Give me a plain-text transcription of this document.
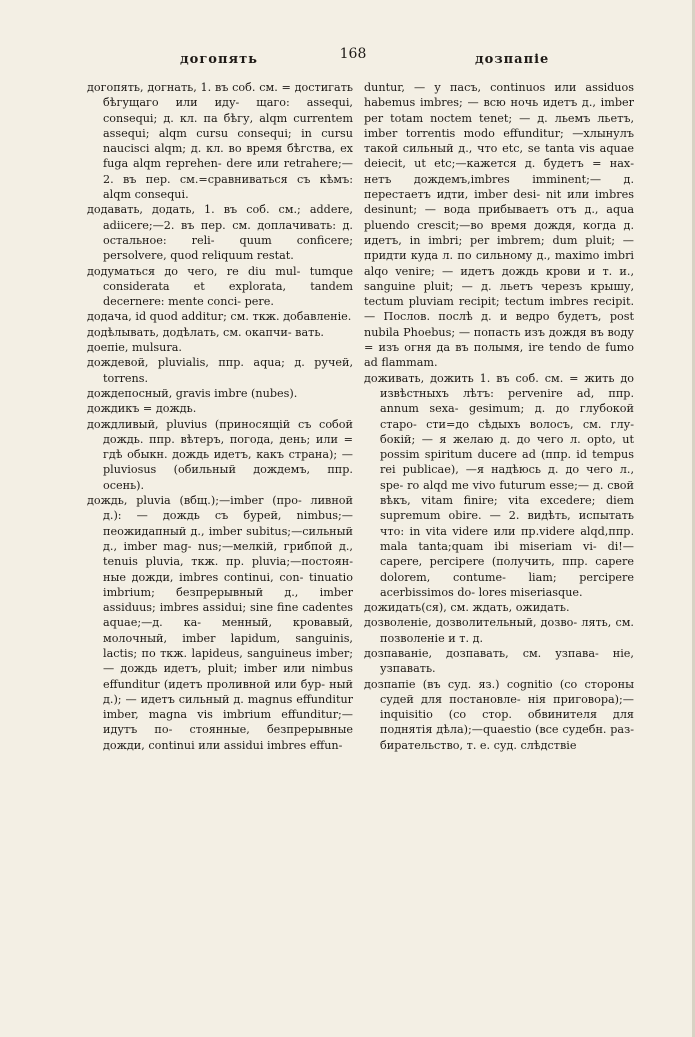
догопять	168	дозпапіе

догопять, догнать, 1. въ соб. см. = достигать бѣгущаго или иду- щаго: assequi, consequi; д. кл. па бѣгу, alqm currentem assequi; alqm cursu consequi; in cursu naucisci alqm; д. кл. во время бѣгства, ex fuga alqm reprehen- dere или retrahere;—2. въ пер. см.=сравниваться съ кѣмъ: alqm consequi.

додавать, додать, 1. въ соб. см.; addere, adiicere;—2. въ пер. см. доплачивать: д. остальное: reli- quum conficere; persolvere, quod reliquum restat.

додуматься до чего, re diu mul- tumque considerata et explorata, tandem decernere: mente conci- pere.

додача, id quod additur; см. ткж. добавленіе.

додѣлывать, додѣлать, см. окапчи- вать.

доепіе, mulsura.

дождевой, pluvialis, ппр. aqua; д. ручей, torrens.

дождепосный, gravis imbre (nubes).

дождикъ = дождь.

дождливый, pluvius (приносящій съ собой дождь. ппр. вѣтеръ, погода, день; или = гдѣ обыкн. дождь идетъ, какъ страна); — pluviosus (обильный дождемъ, ппр. осень).

дождь, pluvia (вбщ.);—imber (про- ливной д.): — дождь съ бурей, nimbus;—пеожидапный д., imber subitus;—сильный д., imber mag- nus;—мелкій, грибпой д., tenuis pluvia, ткж. пр. pluvia;—постоян- ные дожди, imbres continui, con- tinuatio imbrium; безпрерывный д., imber assiduus; imbres assidui; sine fine cadentes aquae;—д. ка- менный, кровавый, молочный, imber lapidum, sanguinis, lactis; по ткж. lapideus, sanguineus imber; — дождь идетъ, pluit; imber или nimbus effunditur (идетъ проливной или бур- ный д.); — идетъ сильный д. magnus effunditur imber, magna vis imbrium effunditur;—идутъ по- стоянные, безпрерывные дожди, continui или assidui imbres effun-

duntur, — у пасъ, continuos или assiduos habemus imbres; — всю ночь идетъ д., imber per totam noctem tenet; — д. льемъ льетъ, imber torrentis modo effunditur; —хлынулъ такой сильный д., что etc, se tanta vis aquae deiecit, ut etc;—кажется д. будетъ = нах- нетъ дождемъ,imbres imminent;— д. перестаетъ идти, imber desi- nit или imbres desinunt; — вода прибываетъ отъ д., aqua pluendo crescit;—во время дождя, когда д. идетъ, in imbri; per imbrem; dum pluit; — придти куда л. по сильному д., maximo imbri alqo venire; — идетъ дождь крови и т. и., sanguine pluit; — д. льетъ черезъ крышу, tectum pluviam recipit; tectum imbres recipit.— Послов. послѣ д. и ведро будетъ, post nubila Phoebus; — попасть изъ дождя въ воду = изъ огня да въ полымя, ire tendo de fumo ad flammam.

доживать, дожить 1. въ соб. см. = жить до извѣстныхъ лѣтъ: pervenire ad, ппр. annum sexa- gesimum; д. до глубокой старо- сти=до сѣдыхъ волосъ, см. глу- бокій; — я желаю д. до чего л. opto, ut possim spiritum ducere ad (ппр. id tempus rei publicae), —я надѣюсь д. до чего л., spe- ro alqd me vivo futurum esse;— д. свой вѣкъ, vitam finire; vita excedere; diem supremum obire. — 2. видѣть, испытать что: in vita videre или пр.videre alqd,ппр. mala tanta;quam ibi miseriam vi- di!—capere, percipere (получить, ппр. capere dolorem, contume- liam; percipere acerbissimos do- lores miseriasque.

дожидать(ся), см. ждать, ожидать.

дозволеніе, дозволительный, дозво- лять, см. позволеніе и т. д.

дозпаваніе, дозпавать, см. узпава- ніе, узпавать.

дозпапіе (въ суд. яз.) cognitio (со стороны судей для постановле- нія приговора);—inquisitio (со стор. обвинителя для поднятія дѣла);—quaestio (все судебн. раз- бирательство, т. е. суд. слѣдствіе
